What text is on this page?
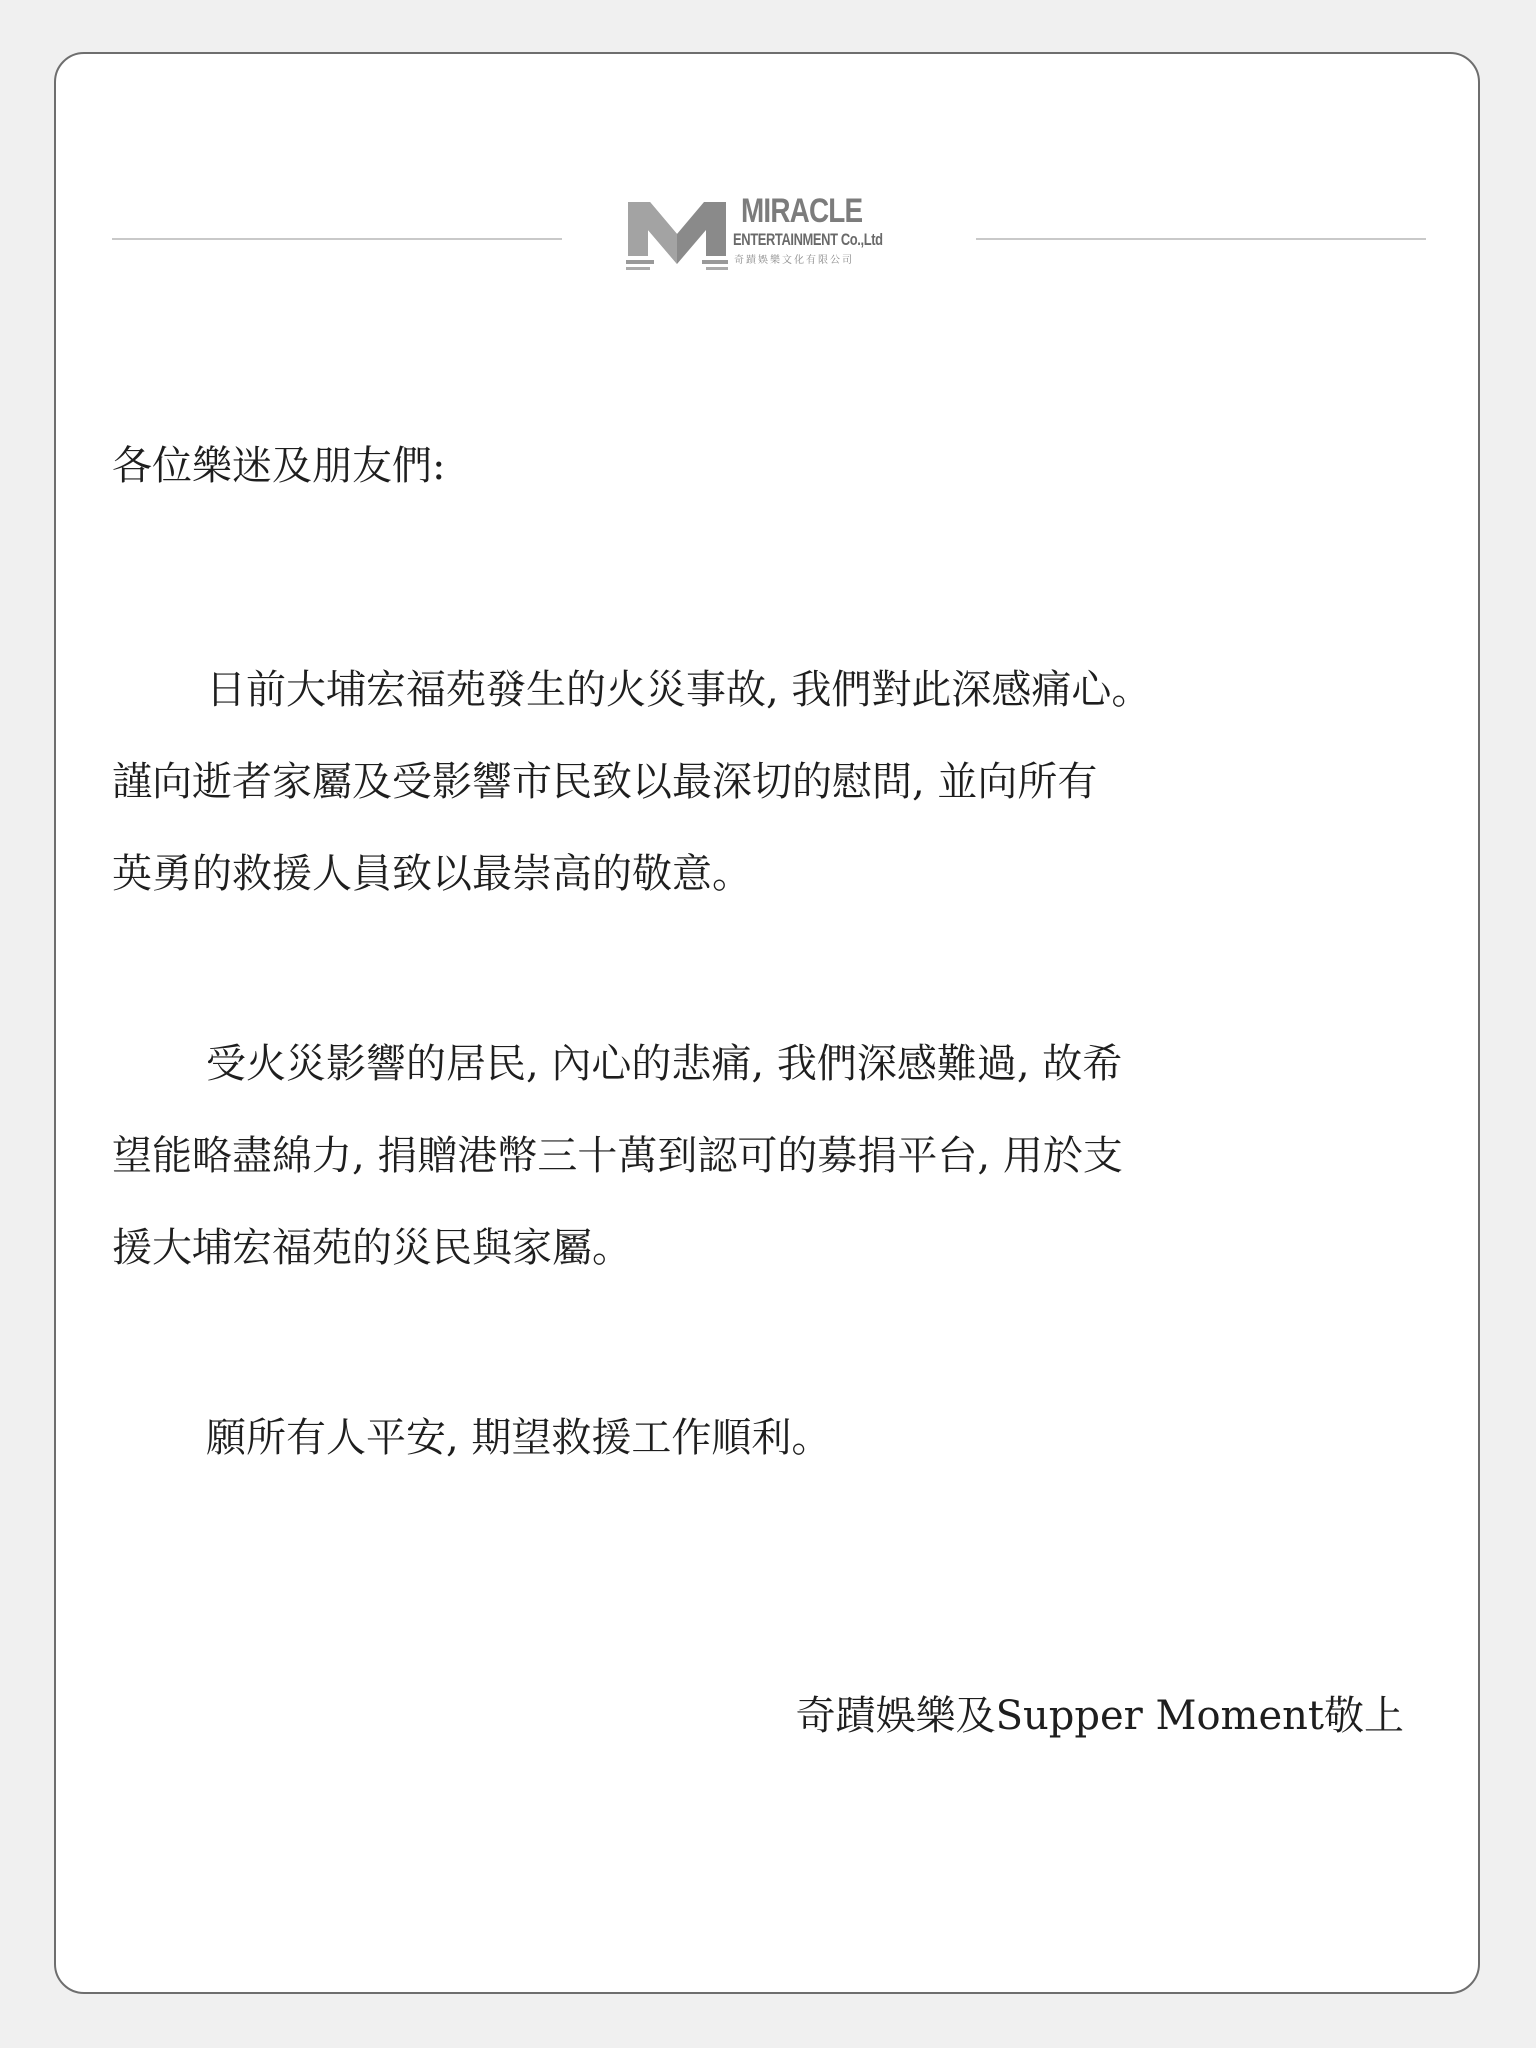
MIRACLE
ENTERTAINMENT Co.,Ltd
奇蹟娛樂文化有限公司
各位樂迷及朋友們:
日前大埔宏福苑發生的火災事故, 我們對此深感痛心。
謹向逝者家屬及受影響市民致以最深切的慰問, 並向所有
英勇的救援人員致以最崇高的敬意。
受火災影響的居民, 內心的悲痛, 我們深感難過, 故希
望能略盡綿力, 捐贈港幣三十萬到認可的募捐平台, 用於支
援大埔宏福苑的災民與家屬。
願所有人平安, 期望救援工作順利。
奇蹟娛樂及Supper Moment敬上
